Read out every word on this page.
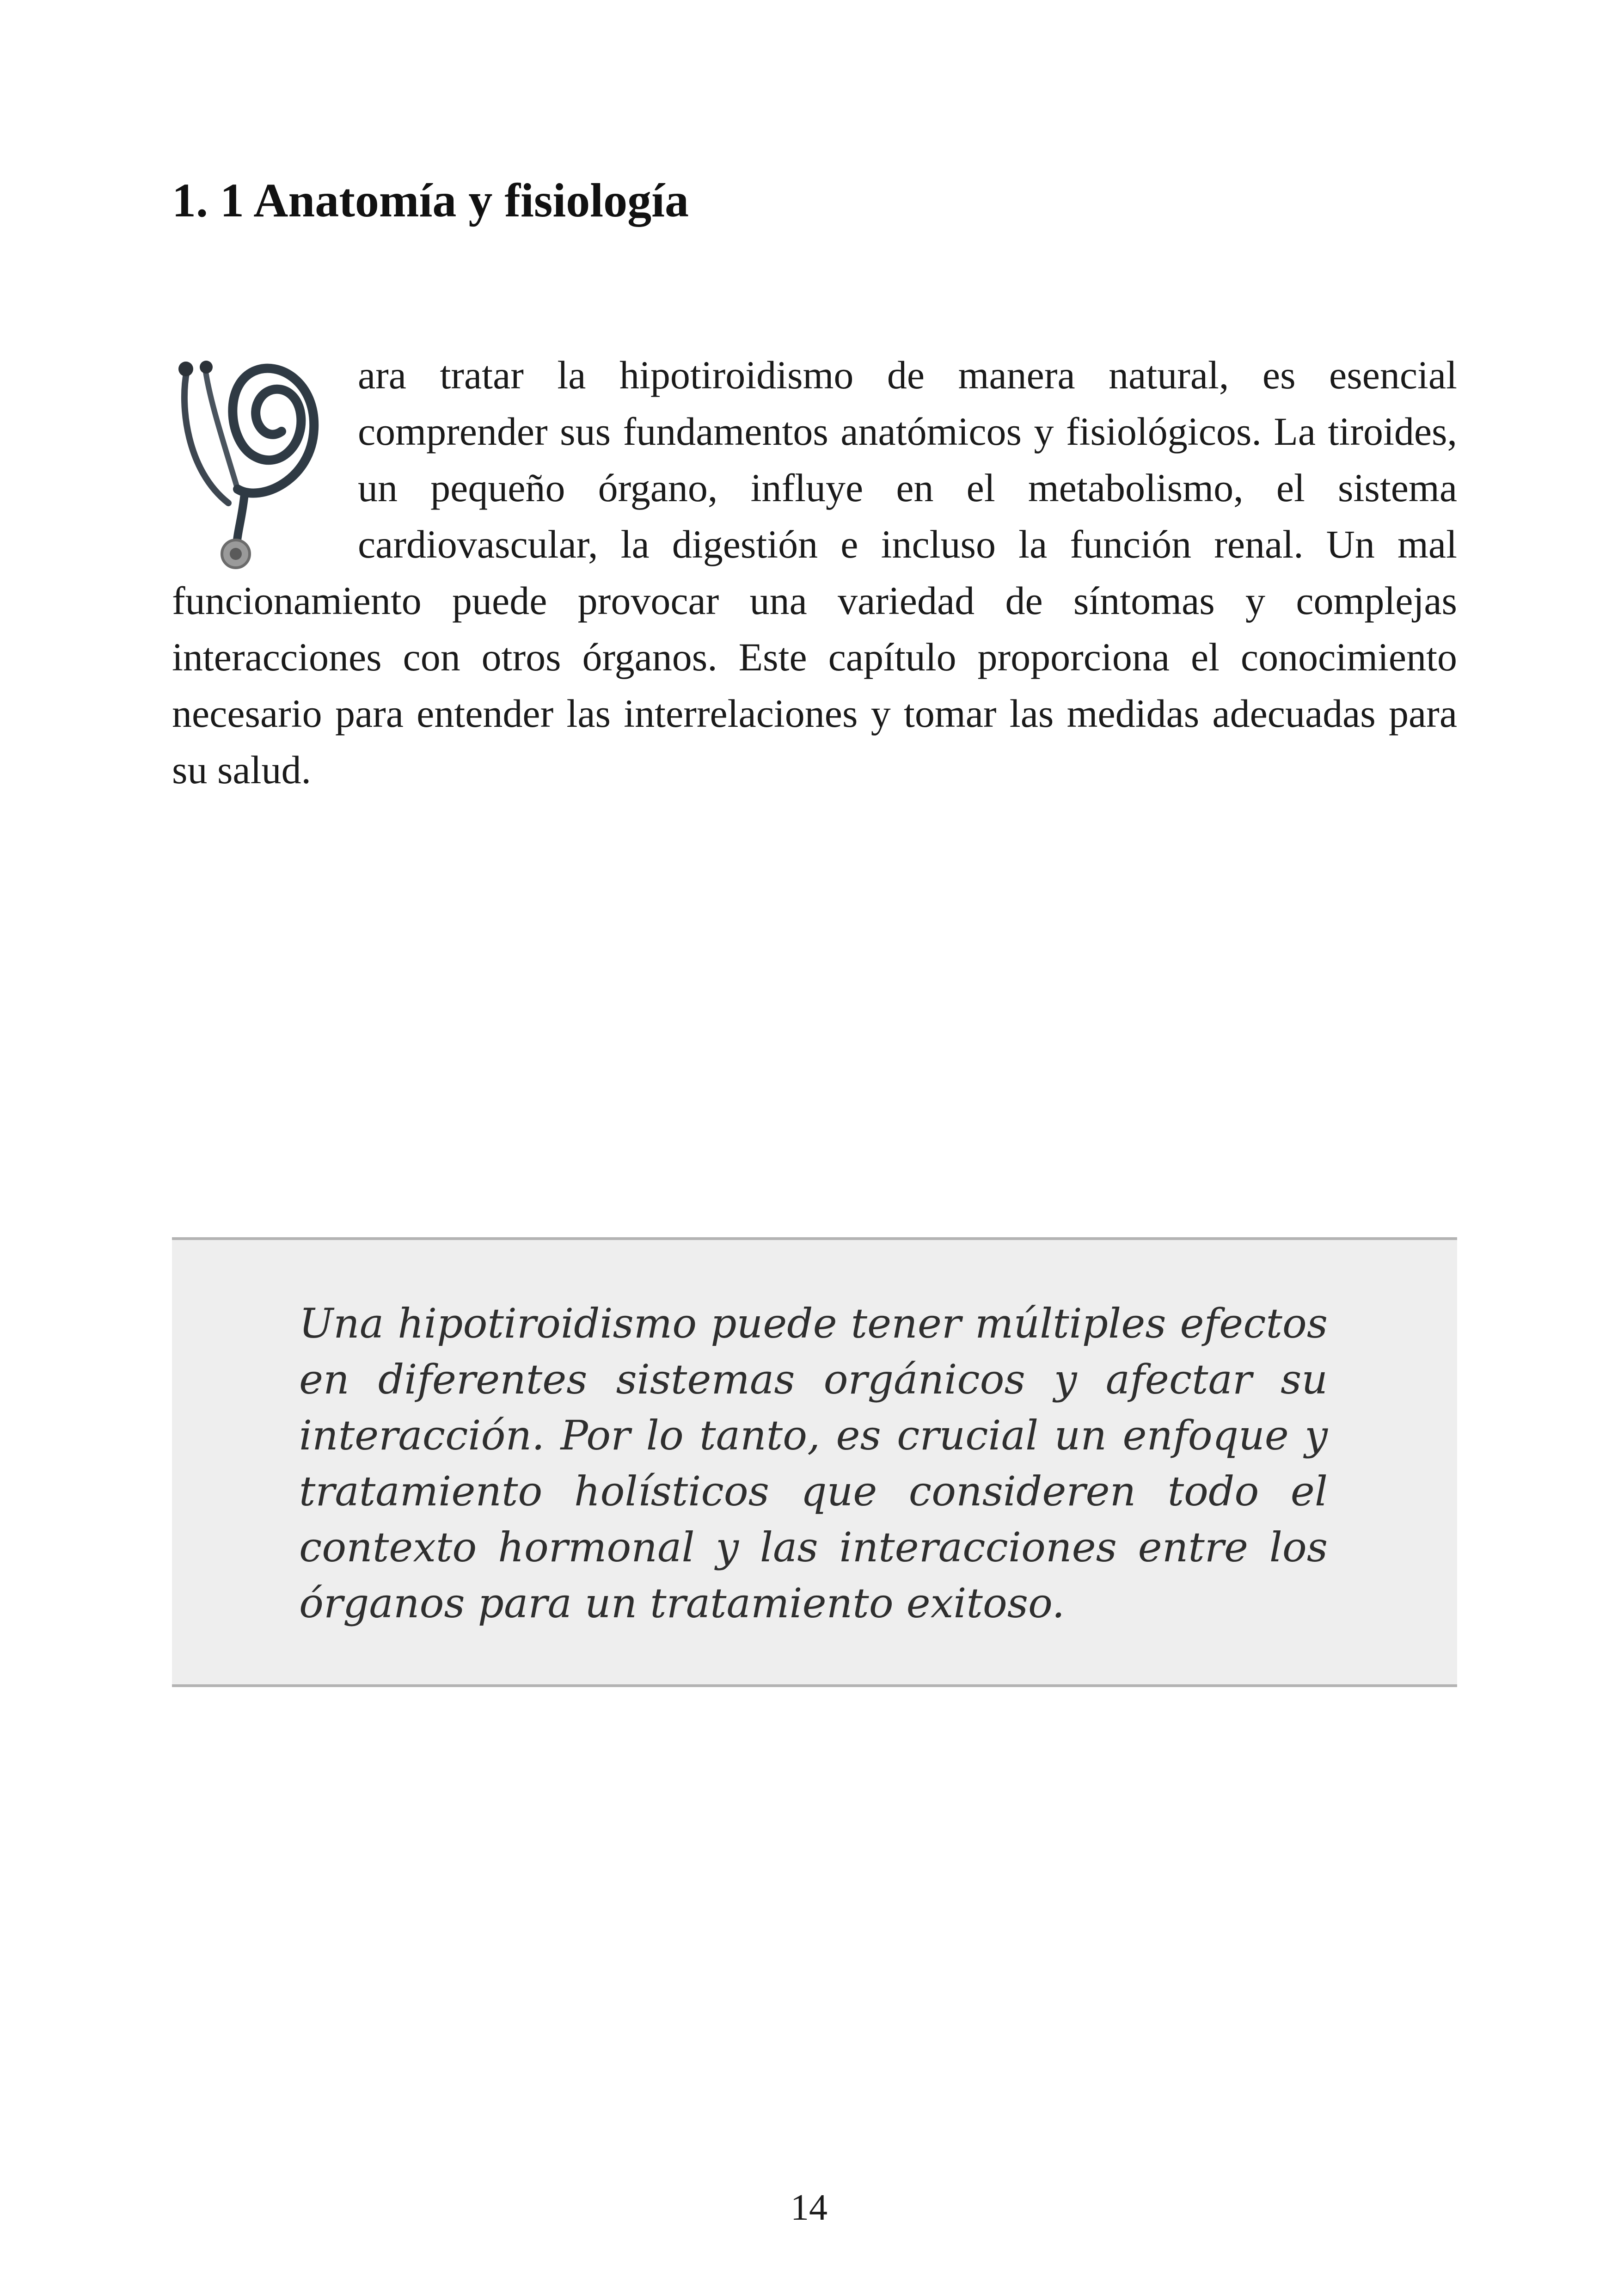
1. 1 Anatomía y fisiología
ara tratar la hipotiroidismo de manera natural, es esencial comprender sus fundamentos anatómicos y fisiológicos. La tiroides, un pequeño órgano, influye en el metabolismo, el sistema cardiovascular, la digestión e incluso la función renal. Un mal funcionamiento puede provocar una variedad de síntomas y complejas interacciones con otros órganos. Este capítulo proporciona el conocimiento necesario para entender las interrelaciones y tomar las medidas adecuadas para su salud.

Una hipotiroidismo puede tener múltiples efectos en diferentes sistemas orgánicos y afectar su interacción. Por lo tanto, es crucial un enfoque y tratamiento holísticos que consideren todo el contexto hormonal y las interacciones entre los órganos para un tratamiento exitoso.

14
